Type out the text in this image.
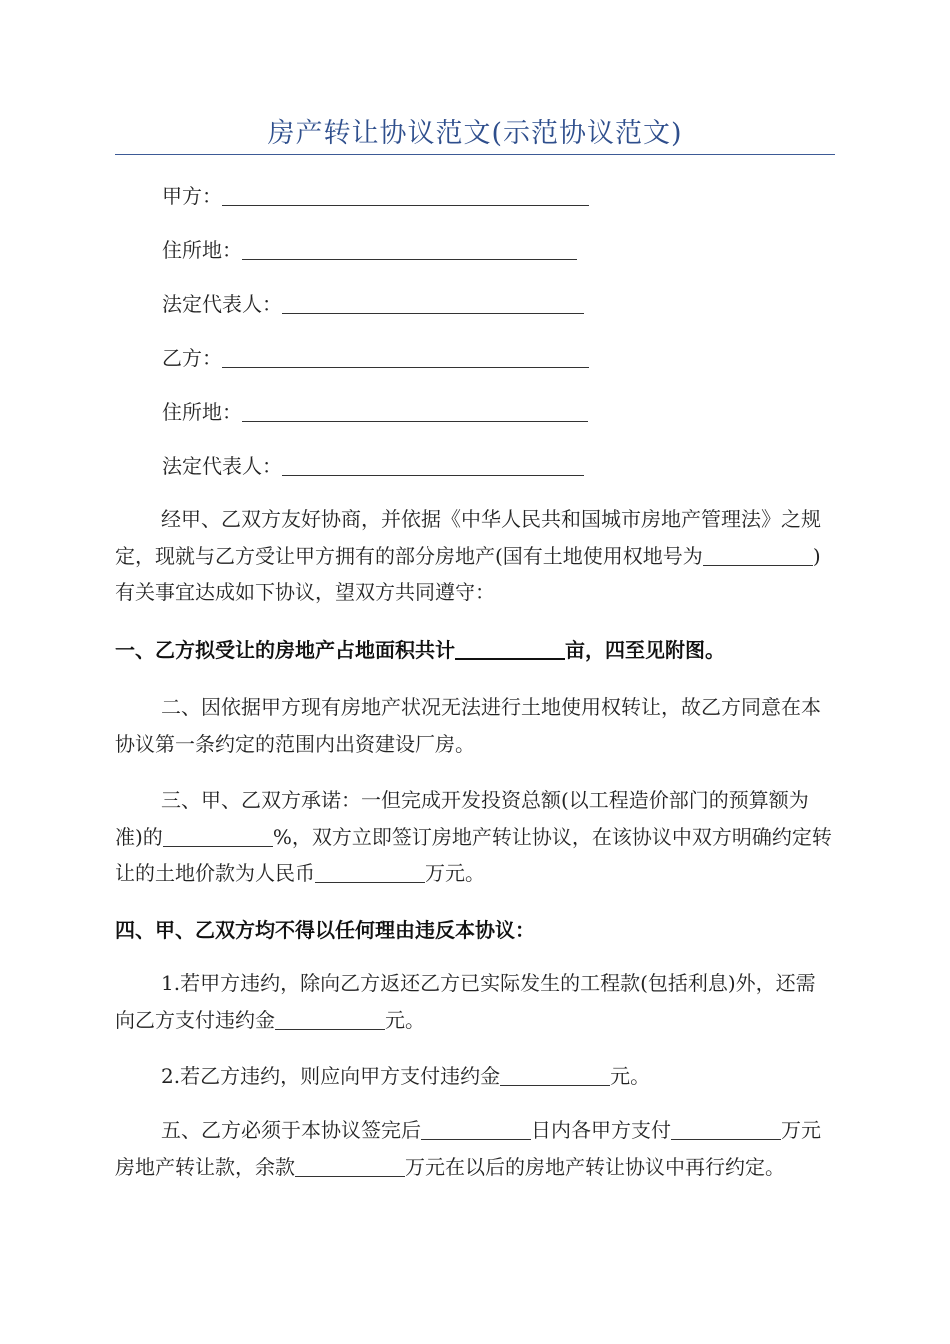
房产转让协议范文(示范协议范文)
甲方：
住所地：
法定代表人：
乙方：
住所地：
法定代表人：

经甲、乙双方友好协商，并依据《中华人民共和国城市房地产管理法》之规定，现就与乙方受让甲方拥有的部分房地产(国有土地使用权地号为	)有关事宜达成如下协议，望双方共同遵守：

一、乙方拟受让的房地产占地面积共计	亩，四至见附图。

二、因依据甲方现有房地产状况无法进行土地使用权转让，故乙方同意在本协议第一条约定的范围内出资建设厂房。

三、甲、乙双方承诺：一但完成开发投资总额(以工程造价部门的预算额为准)的	%，双方立即签订房地产转让协议，在该协议中双方明确约定转让的土地价款为人民币	万元。

四、甲、乙双方均不得以任何理由违反本协议：

1.若甲方违约，除向乙方返还乙方已实际发生的工程款(包括利息)外，还需向乙方支付违约金	元。

2.若乙方违约，则应向甲方支付违约金	元。

五、乙方必须于本协议签完后	日内各甲方支付	万元房地产转让款，余款	万元在以后的房地产转让协议中再行约定。
